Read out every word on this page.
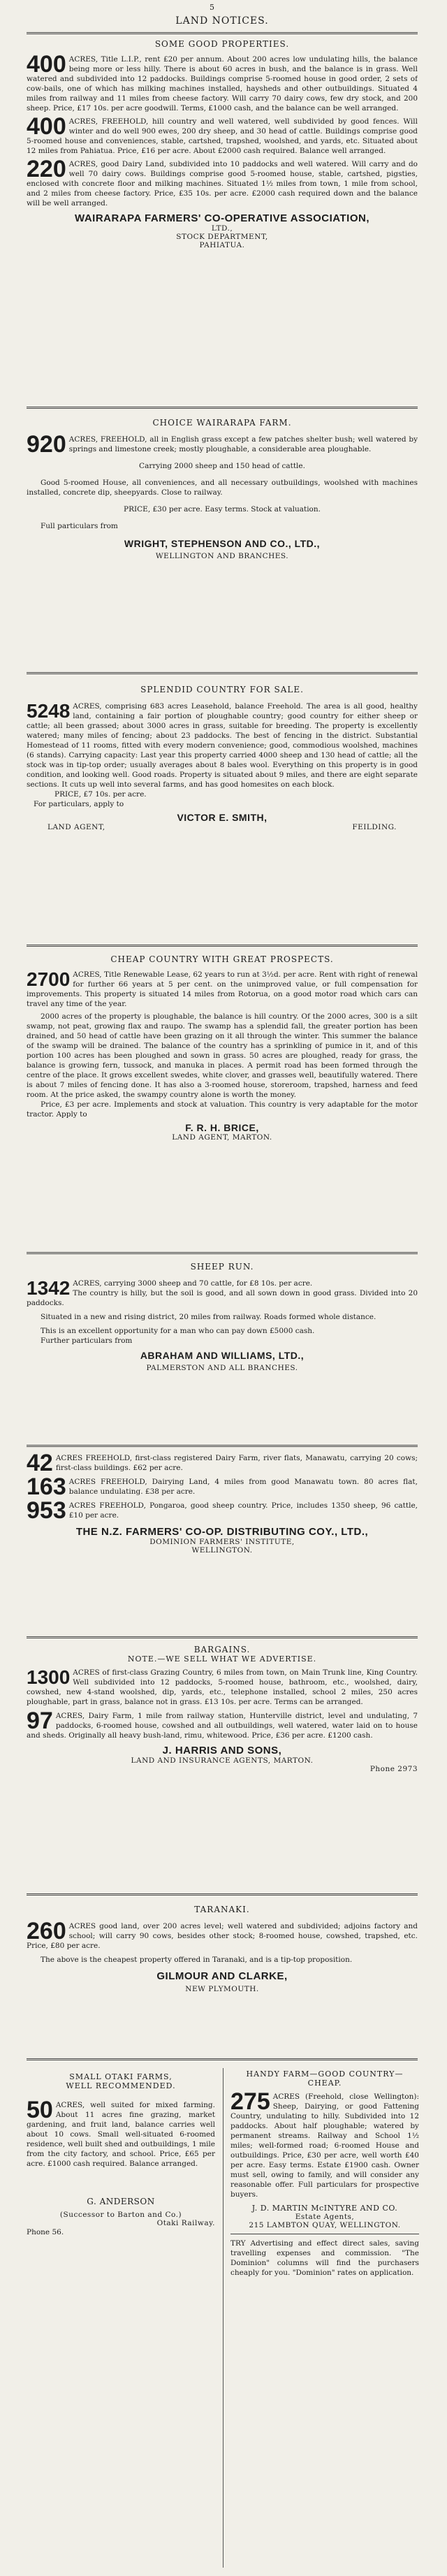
5

LAND NOTICES.

SOME GOOD PROPERTIES.

400 ACRES, Title L.I.P., rent £20 per annum. About 200 acres low undulating hills, the balance being more or less hilly. There is about 60 acres in bush, and the balance is in grass. Well watered and subdivided into 12 paddocks. Buildings comprise 5-roomed house in good order, 2 sets of cow-bails, one of which has milking machines installed, haysheds and other outbuildings. Situated 4 miles from railway and 11 miles from cheese factory. Will carry 70 dairy cows, few dry stock, and 200 sheep. Price, £17 10s. per acre goodwill. Terms, £1000 cash, and the balance can be well arranged.

400 ACRES, FREEHOLD, hill country and well watered, well subdivided by good fences. Will winter and do well 900 ewes, 200 dry sheep, and 30 head of cattle. Buildings comprise good 5-roomed house and conveniences, stable, cartshed, trapshed, woolshed, and yards, etc. Situated about 12 miles from Pahiatua. Price, £16 per acre. About £2000 cash required. Balance well arranged.

220 ACRES, good Dairy Land, subdivided into 10 paddocks and well watered. Will carry and do well 70 dairy cows. Buildings comprise good 5-roomed house, stable, cartshed, pigsties, enclosed with concrete floor and milking machines. Situated 1½ miles from town, 1 mile from school, and 2 miles from cheese factory. Price, £35 10s. per acre. £2000 cash required down and the balance will be well arranged.

WAIRARAPA FARMERS' CO-OPERATIVE ASSOCIATION,

LTD.,

STOCK DEPARTMENT,

PAHIATUA.

CHOICE WAIRARAPA FARM.

920 ACRES, FREEHOLD, all in English grass except a few patches shelter bush; well watered by springs and limestone creek; mostly ploughable, a considerable area ploughable.

Carrying 2000 sheep and 150 head of cattle.

Good 5-roomed House, all conveniences, and all necessary outbuildings, woolshed with machines installed, concrete dip, sheepyards. Close to railway.

PRICE, £30 per acre. Easy terms. Stock at valuation.

Full particulars from

WRIGHT, STEPHENSON AND CO., LTD.,

WELLINGTON AND BRANCHES.

SPLENDID COUNTRY FOR SALE.

5248 ACRES, comprising 683 acres Leasehold, balance Freehold. The area is all good, healthy land, containing a fair portion of ploughable country; good country for either sheep or cattle; all been grassed; about 3000 acres in grass, suitable for breeding. The property is excellently watered; many miles of fencing; about 23 paddocks. The best of fencing in the district. Substantial Homestead of 11 rooms, fitted with every modern convenience; good, commodious woolshed, machines (6 stands). Carrying capacity: Last year this property carried 4000 sheep and 130 head of cattle; all the stock was in tip-top order; usually averages about 8 bales wool. Everything on this property is in good condition, and looking well. Good roads. Property is situated about 9 miles, and there are eight separate sections. It cuts up well into several farms, and has good homesites on each block.

PRICE, £7 10s. per acre.

For particulars, apply to

VICTOR E. SMITH,

LAND AGENT,	FEILDING.

CHEAP COUNTRY WITH GREAT PROSPECTS.

2700 ACRES, Title Renewable Lease, 62 years to run at 3½d. per acre. Rent with right of renewal for further 66 years at 5 per cent. on the unimproved value, or full compensation for improvements. This property is situated 14 miles from Rotorua, on a good motor road which cars can travel any time of the year.

2000 acres of the property is ploughable, the balance is hill country. Of the 2000 acres, 300 is a silt swamp, not peat, growing flax and raupo. The swamp has a splendid fall, the greater portion has been drained, and 50 head of cattle have been grazing on it all through the winter. This summer the balance of the swamp will be drained. The balance of the country has a sprinkling of pumice in it, and of this portion 100 acres has been ploughed and sown in grass. 50 acres are ploughed, ready for grass, the balance is growing fern, tussock, and manuka in places. A permit road has been formed through the centre of the place. It grows excellent swedes, white clover, and grasses well, beautifully watered. There is about 7 miles of fencing done. It has also a 3-roomed house, storeroom, trapshed, harness and feed room. At the price asked, the swampy country alone is worth the money.

Price, £3 per acre. Implements and stock at valuation. This country is very adaptable for the motor tractor. Apply to

F. R. H. BRICE,

LAND AGENT, MARTON.

SHEEP RUN.

1342 ACRES, carrying 3000 sheep and 70 cattle, for £8 10s. per acre.

The country is hilly, but the soil is good, and all sown down in good grass. Divided into 20 paddocks.

Situated in a new and rising district, 20 miles from railway. Roads formed whole distance.

This is an excellent opportunity for a man who can pay down £5000 cash.

Further particulars from

ABRAHAM AND WILLIAMS, LTD.,

PALMERSTON AND ALL BRANCHES.

42 ACRES FREEHOLD, first-class registered Dairy Farm, river flats, Manawatu, carrying 20 cows; first-class buildings. £62 per acre.

163 ACRES FREEHOLD, Dairying Land, 4 miles from good Manawatu town. 80 acres flat, balance undulating. £38 per acre.

953 ACRES FREEHOLD, Pongaroa, good sheep country. Price, includes 1350 sheep, 96 cattle, £10 per acre.

THE N.Z. FARMERS' CO-OP. DISTRIBUTING COY., LTD.,

DOMINION FARMERS' INSTITUTE,

WELLINGTON.

BARGAINS.

NOTE.—WE SELL WHAT WE ADVERTISE.

1300 ACRES of first-class Grazing Country, 6 miles from town, on Main Trunk line, King Country. Well subdivided into 12 paddocks, 5-roomed house, bathroom, etc., woolshed, dairy, cowshed, new 4-stand woolshed, dip, yards, etc., telephone installed, school 2 miles, 250 acres ploughable, part in grass, balance not in grass. £13 10s. per acre. Terms can be arranged.

97 ACRES, Dairy Farm, 1 mile from railway station, Hunterville district, level and undulating, 7 paddocks, 6-roomed house, cowshed and all outbuildings, well watered, water laid on to house and sheds. Originally all heavy bush-land, rimu, whitewood. Price, £36 per acre. £1200 cash.

J. HARRIS AND SONS,

LAND AND INSURANCE AGENTS, MARTON.

Phone 2973

TARANAKI.

260 ACRES good land, over 200 acres level; well watered and subdivided; adjoins factory and school; will carry 90 cows, besides other stock; 8-roomed house, cowshed, trapshed, etc. Price, £80 per acre.

The above is the cheapest property offered in Taranaki, and is a tip-top proposition.

GILMOUR AND CLARKE,

NEW PLYMOUTH.

SMALL OTAKI FARMS,

WELL RECOMMENDED.

50 ACRES, well suited for mixed farming. About 11 acres fine grazing, market gardening, and fruit land, balance carries well about 10 cows. Small well-situated 6-roomed residence, well built shed and outbuildings, 1 mile from the city factory, and school. Price, £65 per acre. £1000 cash required. Balance arranged.

G. ANDERSON

(Successor to Barton and Co.)

Otaki Railway.

Phone 56.

HANDY FARM—GOOD COUNTRY—

CHEAP.

275 ACRES (Freehold, close Wellington): Sheep, Dairying, or good Fattening Country, undulating to hilly. Subdivided into 12 paddocks. About half ploughable; watered by permanent streams. Railway and School 1½ miles; well-formed road; 6-roomed House and outbuildings. Price, £30 per acre, well worth £40 per acre. Easy terms. Estate £1900 cash. Owner must sell, owing to family, and will consider any reasonable offer. Full particulars for prospective buyers.

J. D. MARTIN McINTYRE AND CO.

Estate Agents,

215 LAMBTON QUAY, WELLINGTON.

TRY Advertising and effect direct sales, saving travelling expenses and commission. "The Dominion" columns will find the purchasers cheaply for you. "Dominion" rates on application.
